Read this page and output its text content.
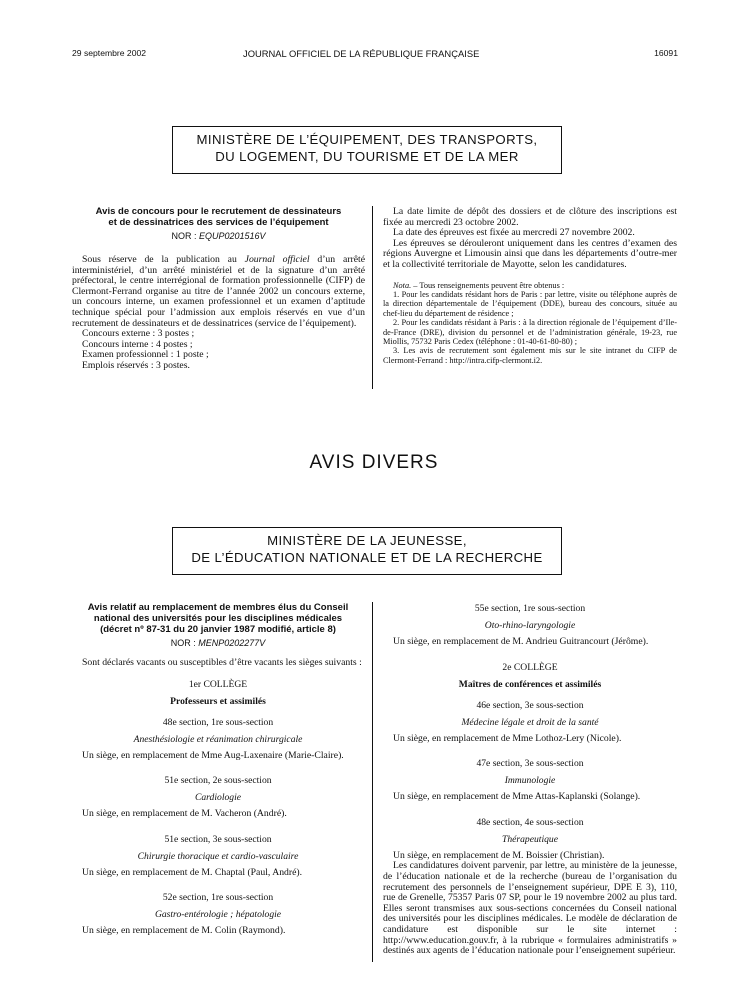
29 septembre 2002	JOURNAL OFFICIEL DE LA RÉPUBLIQUE FRANÇAISE	16091
MINISTÈRE DE L’ÉQUIPEMENT, DES TRANSPORTS,
DU LOGEMENT, DU TOURISME ET DE LA MER
Avis de concours pour le recrutement de dessinateurs
et de dessinatrices des services de l’équipement
NOR : EQUP0201516V

Sous réserve de la publication au Journal officiel d’un arrêté interministériel, d’un arrêté ministériel et de la signature d’un arrêté préfectoral, le centre interrégional de formation professionnelle (CIFP) de Clermont-Ferrand organise au titre de l’année 2002 un concours externe, un concours interne, un examen professionnel et un examen d’aptitude technique spécial pour l’admission aux emplois réservés en vue d’un recrutement de dessinateurs et de dessinatrices (service de l’équipement).

Concours externe : 3 postes ;
Concours interne : 4 postes ;
Examen professionnel : 1 poste ;
Emplois réservés : 3 postes.

La date limite de dépôt des dossiers et de clôture des inscriptions est fixée au mercredi 23 octobre 2002.

La date des épreuves est fixée au mercredi 27 novembre 2002.

Les épreuves se dérouleront uniquement dans les centres d’examen des régions Auvergne et Limousin ainsi que dans les départements d’outre-mer et la collectivité territoriale de Mayotte, selon les candidatures.

Nota. – Tous renseignements peuvent être obtenus :

1. Pour les candidats résidant hors de Paris : par lettre, visite ou téléphone auprès de la direction départementale de l’équipement (DDE), bureau des concours, située au chef-lieu du département de résidence ;

2. Pour les candidats résidant à Paris : à la direction régionale de l’équipement d’Ile-de-France (DRE), division du personnel et de l’administration générale, 19-23, rue Miollis, 75732 Paris Cedex (téléphone : 01-40-61-80-80) ;

3. Les avis de recrutement sont également mis sur le site intranet du CIFP de Clermont-Ferrand : http://intra.cifp-clermont.i2.

AVIS DIVERS
MINISTÈRE DE LA JEUNESSE,
DE L’ÉDUCATION NATIONALE ET DE LA RECHERCHE
Avis relatif au remplacement de membres élus du Conseil
national des universités pour les disciplines médicales
(décret nº 87-31 du 20 janvier 1987 modifié, article 8)
NOR : MENP0202277V

Sont déclarés vacants ou susceptibles d’être vacants les sièges suivants :

1er COLLÈGE
Professeurs et assimilés
48e section, 1re sous-section
Anesthésiologie et réanimation chirurgicale

Un siège, en remplacement de Mme Aug-Laxenaire (Marie-Claire).

51e section, 2e sous-section
Cardiologie

Un siège, en remplacement de M. Vacheron (André).

51e section, 3e sous-section
Chirurgie thoracique et cardio-vasculaire

Un siège, en remplacement de M. Chaptal (Paul, André).

52e section, 1re sous-section
Gastro-entérologie ; hépatologie

Un siège, en remplacement de M. Colin (Raymond).

55e section, 1re sous-section
Oto-rhino-laryngologie

Un siège, en remplacement de M. Andrieu Guitrancourt (Jérôme).

2e COLLÈGE
Maîtres de conférences et assimilés
46e section, 3e sous-section
Médecine légale et droit de la santé

Un siège, en remplacement de Mme Lothoz-Lery (Nicole).

47e section, 3e sous-section
Immunologie

Un siège, en remplacement de Mme Attas-Kaplanski (Solange).

48e section, 4e sous-section
Thérapeutique

Un siège, en remplacement de M. Boissier (Christian).

Les candidatures doivent parvenir, par lettre, au ministère de la jeunesse, de l’éducation nationale et de la recherche (bureau de l’organisation du recrutement des personnels de l’enseignement supérieur, DPE E 3), 110, rue de Grenelle, 75357 Paris 07 SP, pour le 19 novembre 2002 au plus tard. Elles seront transmises aux sous-sections concernées du Conseil national des universités pour les disciplines médicales. Le modèle de déclaration de candidature est disponible sur le site internet : http://www.education.gouv.fr, à la rubrique « formulaires administratifs » destinés aux agents de l’éducation nationale pour l’enseignement supérieur.
